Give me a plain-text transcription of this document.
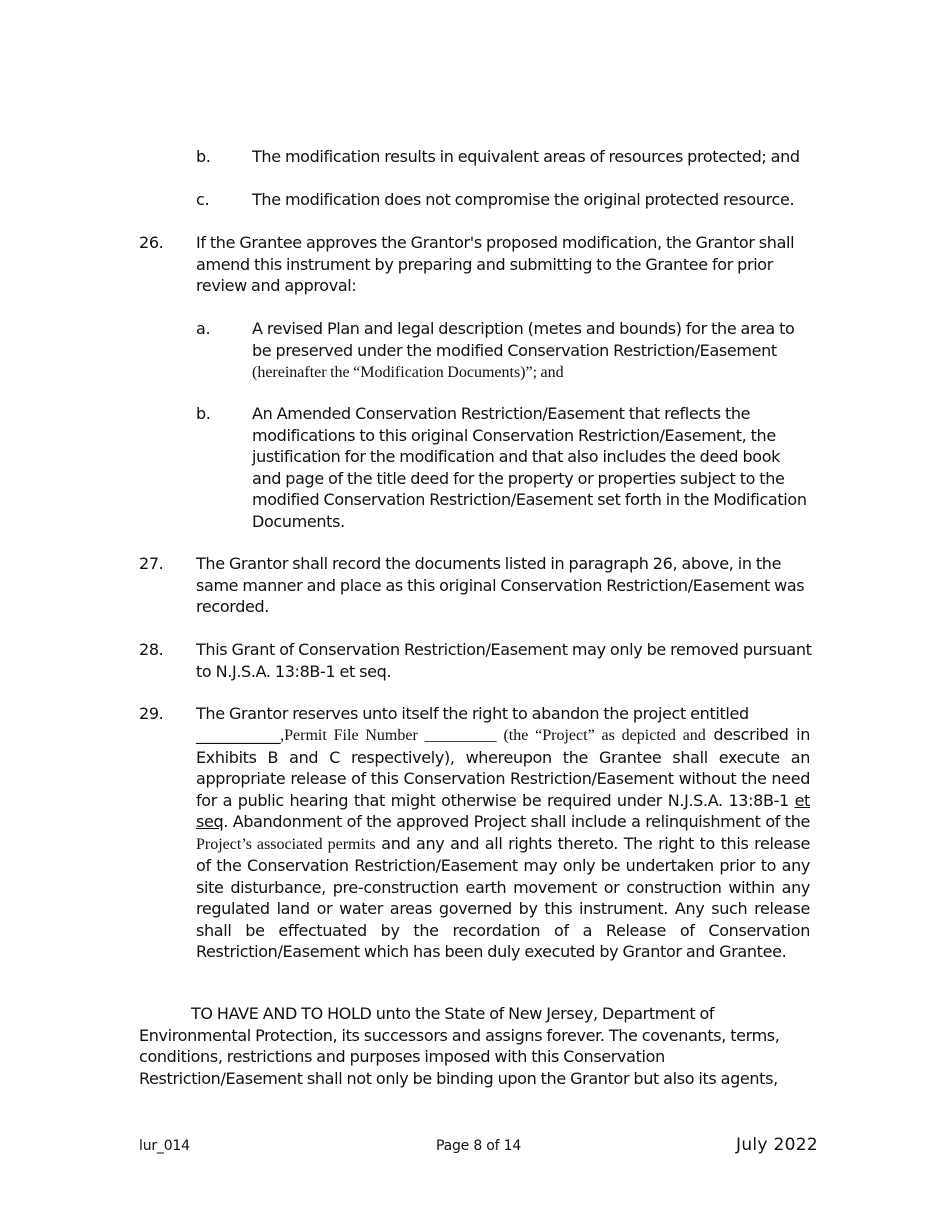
b.	The modification results in equivalent areas of resources protected; and
c.	The modification does not compromise the original protected resource.
26. If the Grantee approves the Grantor's proposed modification, the Grantor shall amend this instrument by preparing and submitting to the Grantee for prior review and approval:
a.	A revised Plan and legal description (metes and bounds) for the area to be preserved under the modified Conservation Restriction/Easement
(hereinafter the “Modification Documents)”; and
b.	An Amended Conservation Restriction/Easement that reflects the modifications to this original Conservation Restriction/Easement, the justification for the modification and that also includes the deed book and page of the title deed for the property or properties subject to the modified Conservation Restriction/Easement set forth in the Modification Documents.
27. The Grantor shall record the documents listed in paragraph 26, above, in the same manner and place as this original Conservation Restriction/Easement was recorded.
28. This Grant of Conservation Restriction/Easement may only be removed pursuant to N.J.S.A. 13:8B-1 et seq.
29. The Grantor reserves unto itself the right to abandon the project entitled
___________,Permit File Number _________ (the “Project” as depicted and described in Exhibits B and C respectively), whereupon the Grantee shall execute an appropriate release of this Conservation Restriction/Easement without the need for a public hearing that might otherwise be required under N.J.S.A. 13:8B-1 et seq. Abandonment of the approved Project shall include a relinquishment of the Project’s associated permits and any and all rights thereto. The right to this release of the Conservation Restriction/Easement may only be undertaken prior to any site disturbance, pre-construction earth movement or construction within any regulated land or water areas governed by this instrument. Any such release shall be effectuated by the recordation of a Release of Conservation Restriction/Easement which has been duly executed by Grantor and Grantee.
TO HAVE AND TO HOLD unto the State of New Jersey, Department of Environmental Protection, its successors and assigns forever. The covenants, terms, conditions, restrictions and purposes imposed with this Conservation Restriction/Easement shall not only be binding upon the Grantor but also its agents,
lur_014	Page 8 of 14	July 2022
